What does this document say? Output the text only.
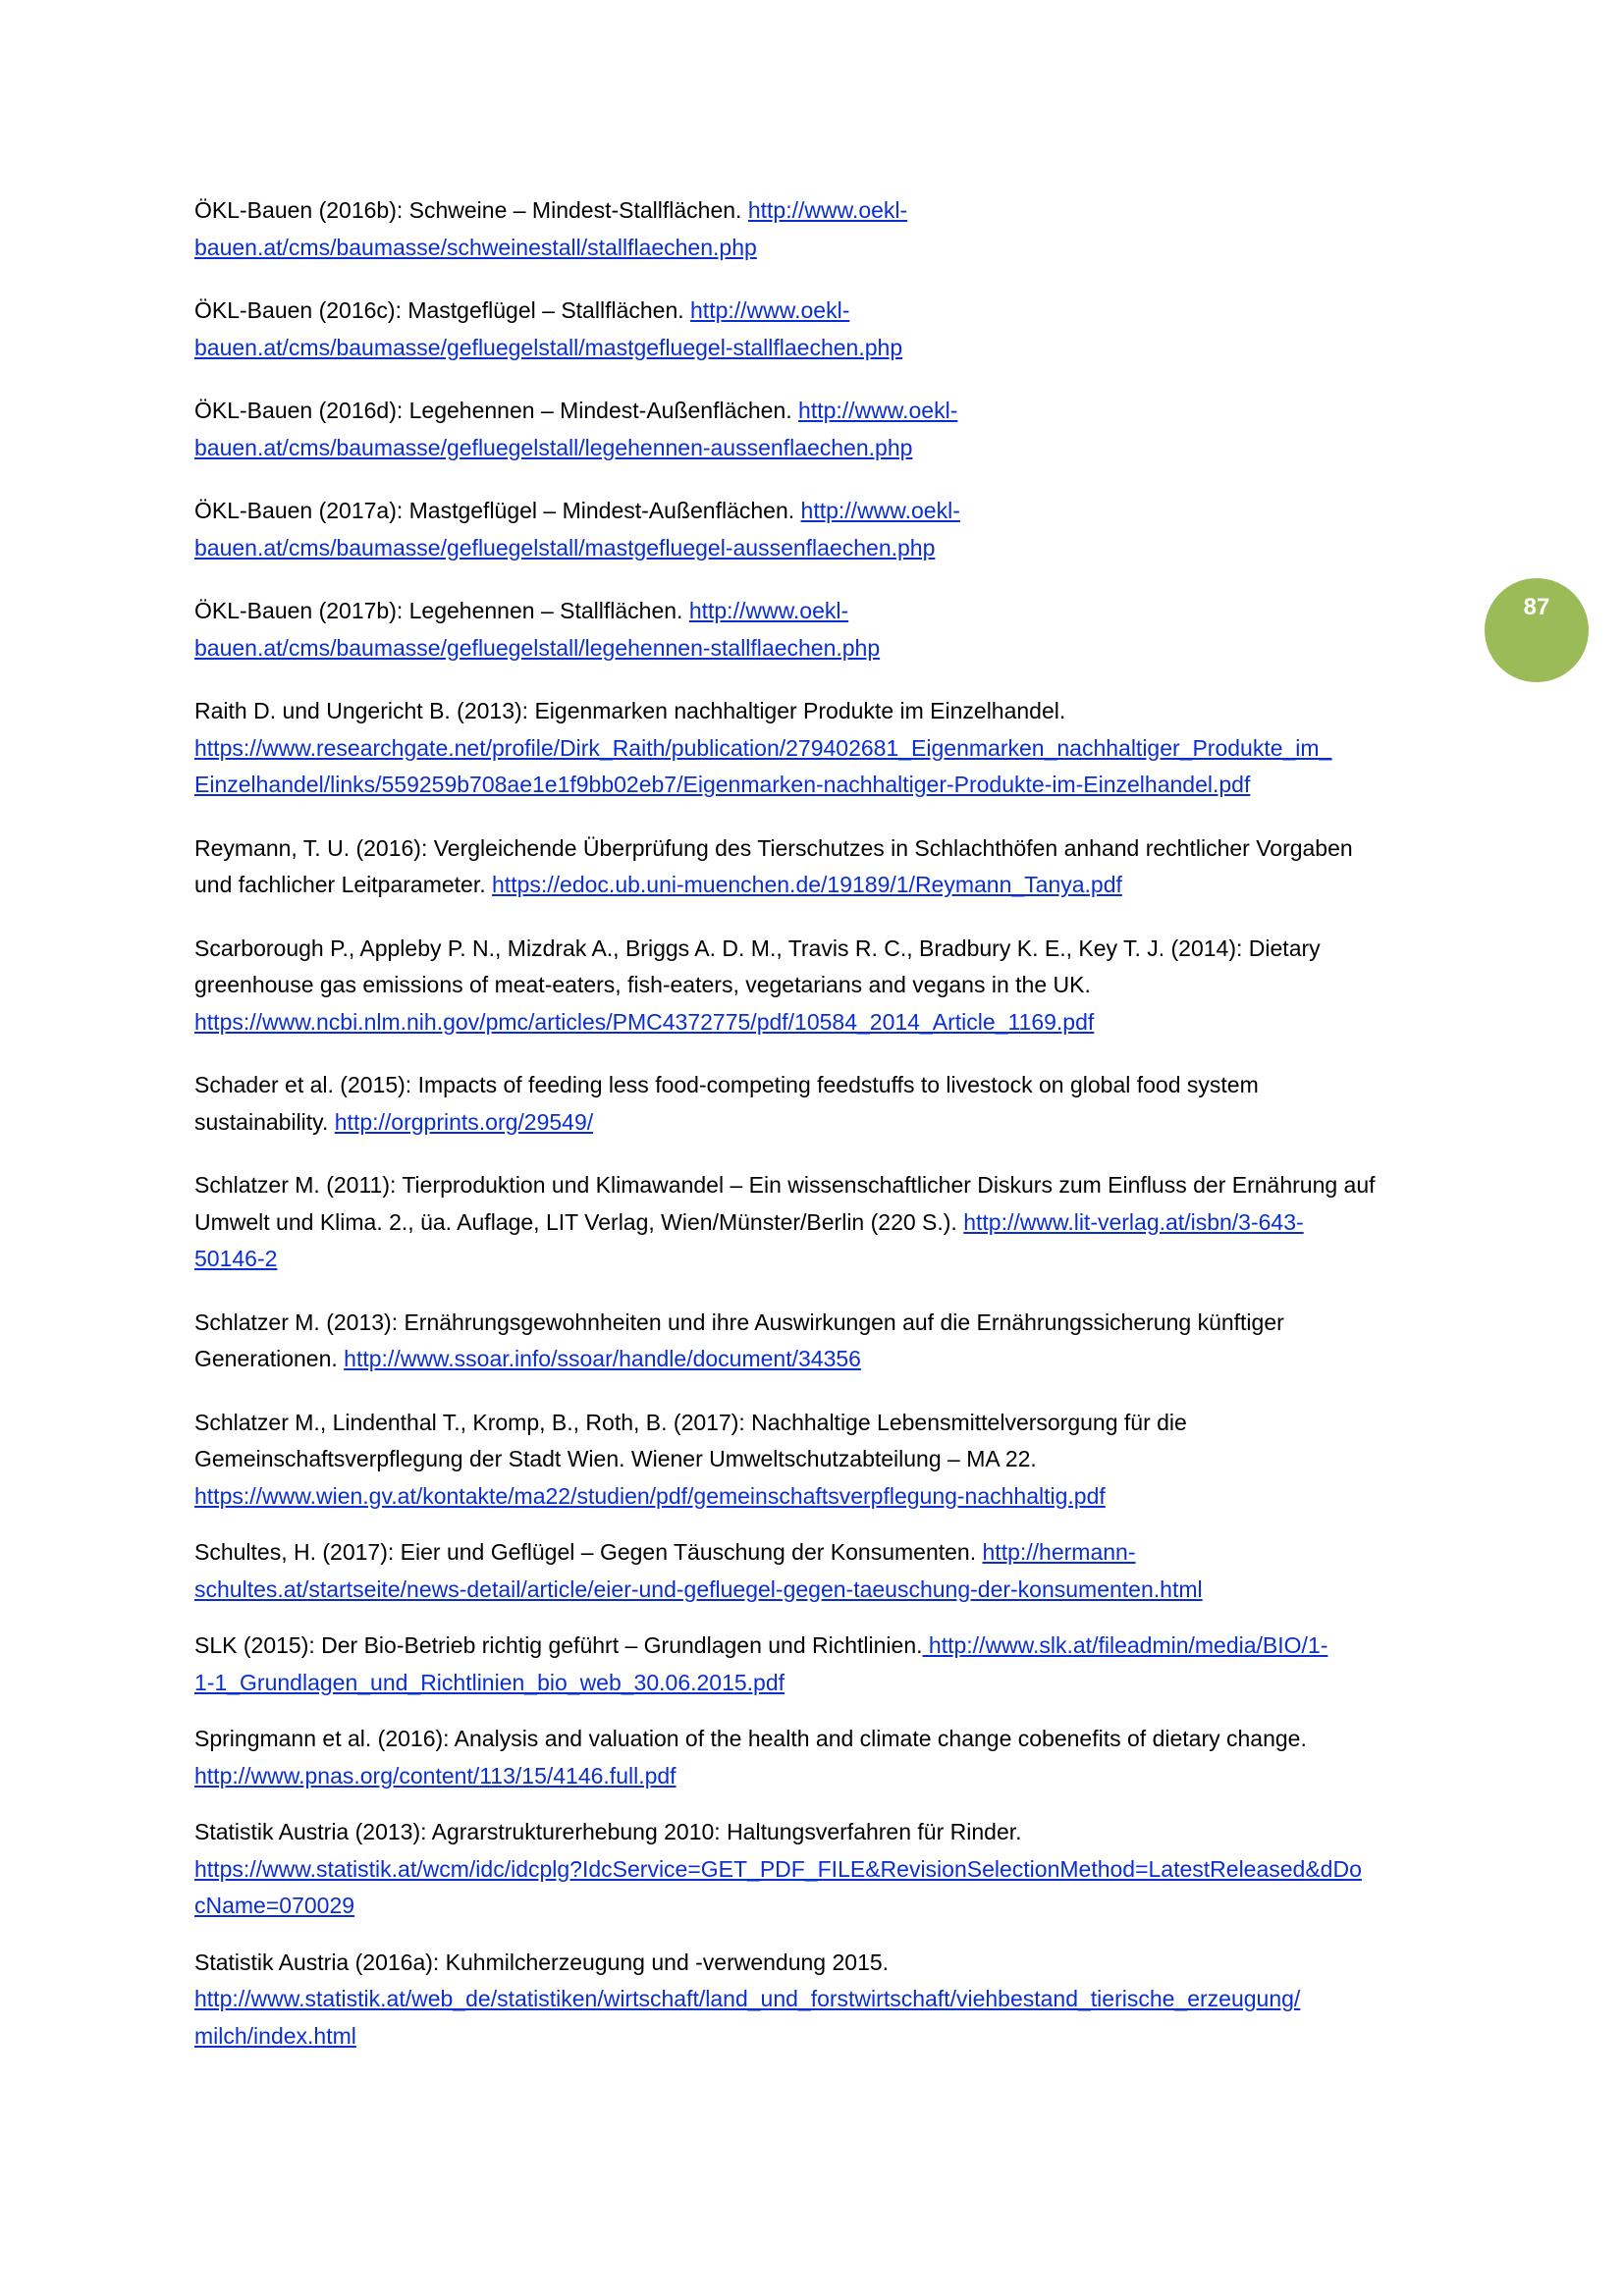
87

ÖKL-Bauen (2016b): Schweine – Mindest-Stallflächen. http://www.oekl-
bauen.at/cms/baumasse/schweinestall/stallflaechen.php

ÖKL-Bauen (2016c): Mastgeflügel – Stallflächen. http://www.oekl-
bauen.at/cms/baumasse/gefluegelstall/mastgefluegel-stallflaechen.php

ÖKL-Bauen (2016d): Legehennen – Mindest-Außenflächen. http://www.oekl-
bauen.at/cms/baumasse/gefluegelstall/legehennen-aussenflaechen.php

ÖKL-Bauen (2017a): Mastgeflügel – Mindest-Außenflächen. http://www.oekl-
bauen.at/cms/baumasse/gefluegelstall/mastgefluegel-aussenflaechen.php

ÖKL-Bauen (2017b): Legehennen – Stallflächen. http://www.oekl-
bauen.at/cms/baumasse/gefluegelstall/legehennen-stallflaechen.php

Raith D. und Ungericht B. (2013): Eigenmarken nachhaltiger Produkte im Einzelhandel.
https://www.researchgate.net/profile/Dirk_Raith/publication/279402681_Eigenmarken_nachhaltiger_Produkte_im_
Einzelhandel/links/559259b708ae1e1f9bb02eb7/Eigenmarken-nachhaltiger-Produkte-im-Einzelhandel.pdf

Reymann, T. U. (2016): Vergleichende Überprüfung des Tierschutzes in Schlachthöfen anhand rechtlicher Vorgaben
und fachlicher Leitparameter. https://edoc.ub.uni-muenchen.de/19189/1/Reymann_Tanya.pdf

Scarborough P., Appleby P. N., Mizdrak A., Briggs A. D. M., Travis R. C., Bradbury K. E., Key T. J. (2014): Dietary
greenhouse gas emissions of meat-eaters, fish-eaters, vegetarians and vegans in the UK.
https://www.ncbi.nlm.nih.gov/pmc/articles/PMC4372775/pdf/10584_2014_Article_1169.pdf

Schader et al. (2015): Impacts of feeding less food-competing feedstuffs to livestock on global food system
sustainability. http://orgprints.org/29549/

Schlatzer M. (2011): Tierproduktion und Klimawandel – Ein wissenschaftlicher Diskurs zum Einfluss der Ernährung auf
Umwelt und Klima. 2., üa. Auflage, LIT Verlag, Wien/Münster/Berlin (220 S.). http://www.lit-verlag.at/isbn/3-643-
50146-2

Schlatzer M. (2013): Ernährungsgewohnheiten und ihre Auswirkungen auf die Ernährungssicherung künftiger
Generationen. http://www.ssoar.info/ssoar/handle/document/34356

Schlatzer M., Lindenthal T., Kromp, B., Roth, B. (2017): Nachhaltige Lebensmittelversorgung für die
Gemeinschaftsverpflegung der Stadt Wien. Wiener Umweltschutzabteilung – MA 22.
https://www.wien.gv.at/kontakte/ma22/studien/pdf/gemeinschaftsverpflegung-nachhaltig.pdf

Schultes, H. (2017): Eier und Geflügel – Gegen Täuschung der Konsumenten. http://hermann-
schultes.at/startseite/news-detail/article/eier-und-gefluegel-gegen-taeuschung-der-konsumenten.html

SLK (2015): Der Bio-Betrieb richtig geführt – Grundlagen und Richtlinien. http://www.slk.at/fileadmin/media/BIO/1-
1-1_Grundlagen_und_Richtlinien_bio_web_30.06.2015.pdf

Springmann et al. (2016): Analysis and valuation of the health and climate change cobenefits of dietary change.
http://www.pnas.org/content/113/15/4146.full.pdf

Statistik Austria (2013): Agrarstrukturerhebung 2010: Haltungsverfahren für Rinder.
https://www.statistik.at/wcm/idc/idcplg?IdcService=GET_PDF_FILE&RevisionSelectionMethod=LatestReleased&dDo
cName=070029

Statistik Austria (2016a): Kuhmilcherzeugung und -verwendung 2015.
http://www.statistik.at/web_de/statistiken/wirtschaft/land_und_forstwirtschaft/viehbestand_tierische_erzeugung/
milch/index.html
